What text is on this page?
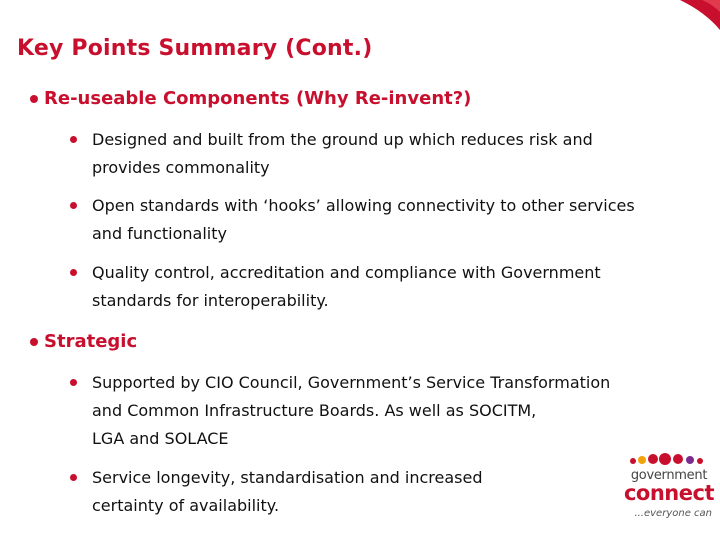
Key Points Summary (Cont.)
Re-useable Components (Why Re-invent?)
Designed and built from the ground up which reduces risk and
provides commonality
Open standards with ‘hooks’ allowing connectivity to other services
and functionality
Quality control, accreditation and compliance with Government
standards for interoperability.
Strategic
Supported by CIO Council, Government’s Service Transformation
and Common Infrastructure Boards. As well as SOCITM,
LGA and SOLACE
Service longevity, standardisation and increased
certainty of availability.
government
connect
...everyone can
